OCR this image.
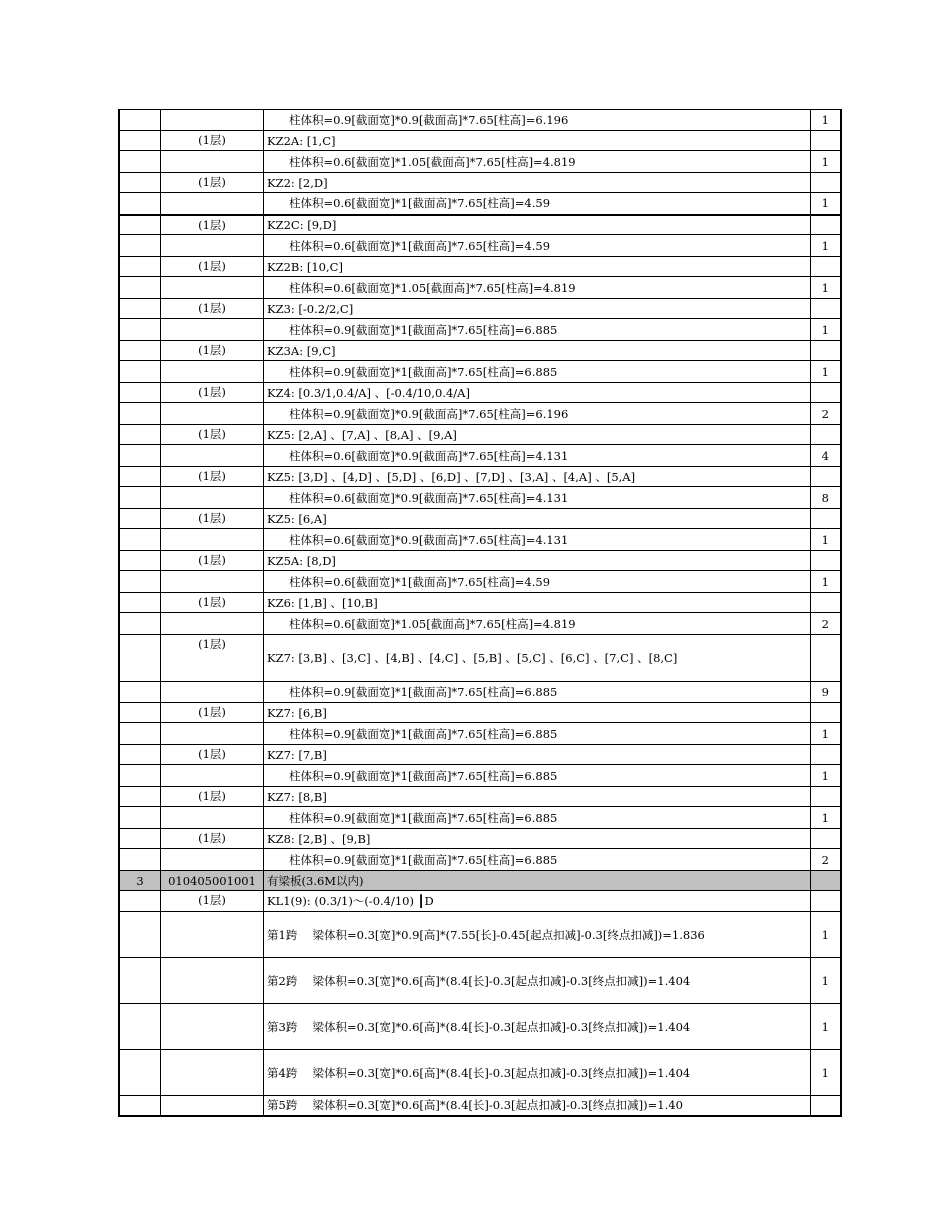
		柱体积=0.9[截面宽]*0.9[截面高]*7.65[柱高]=6.196	1
	(1层)	KZ2A: [1,C]	
		柱体积=0.6[截面宽]*1.05[截面高]*7.65[柱高]=4.819	1
	(1层)	KZ2: [2,D]	
		柱体积=0.6[截面宽]*1[截面高]*7.65[柱高]=4.59	1
	(1层)	KZ2C: [9,D]	
		柱体积=0.6[截面宽]*1[截面高]*7.65[柱高]=4.59	1
	(1层)	KZ2B: [10,C]	
		柱体积=0.6[截面宽]*1.05[截面高]*7.65[柱高]=4.819	1
	(1层)	KZ3: [-0.2/2,C]	
		柱体积=0.9[截面宽]*1[截面高]*7.65[柱高]=6.885	1
	(1层)	KZ3A: [9,C]	
		柱体积=0.9[截面宽]*1[截面高]*7.65[柱高]=6.885	1
	(1层)	KZ4: [0.3/1,0.4/A] 、[-0.4/10,0.4/A]	
		柱体积=0.9[截面宽]*0.9[截面高]*7.65[柱高]=6.196	2
	(1层)	KZ5: [2,A] 、[7,A] 、[8,A] 、[9,A]	
		柱体积=0.6[截面宽]*0.9[截面高]*7.65[柱高]=4.131	4
	(1层)	KZ5: [3,D] 、[4,D] 、[5,D] 、[6,D] 、[7,D] 、[3,A] 、[4,A] 、[5,A]	
		柱体积=0.6[截面宽]*0.9[截面高]*7.65[柱高]=4.131	8
	(1层)	KZ5: [6,A]	
		柱体积=0.6[截面宽]*0.9[截面高]*7.65[柱高]=4.131	1
	(1层)	KZ5A: [8,D]	
		柱体积=0.6[截面宽]*1[截面高]*7.65[柱高]=4.59	1
	(1层)	KZ6: [1,B] 、[10,B]	
		柱体积=0.6[截面宽]*1.05[截面高]*7.65[柱高]=4.819	2
	(1层)	KZ7: [3,B] 、[3,C] 、[4,B] 、[4,C] 、[5,B] 、[5,C] 、[6,C] 、[7,C] 、[8,C]	
		柱体积=0.9[截面宽]*1[截面高]*7.65[柱高]=6.885	9
	(1层)	KZ7: [6,B]	
		柱体积=0.9[截面宽]*1[截面高]*7.65[柱高]=6.885	1
	(1层)	KZ7: [7,B]	
		柱体积=0.9[截面宽]*1[截面高]*7.65[柱高]=6.885	1
	(1层)	KZ7: [8,B]	
		柱体积=0.9[截面宽]*1[截面高]*7.65[柱高]=6.885	1
	(1层)	KZ8: [2,B] 、[9,B]	
		柱体积=0.9[截面宽]*1[截面高]*7.65[柱高]=6.885	2
3	010405001001	有梁板(3.6M以内)	
	(1层)	KL1(9): (0.3/1)～(-0.4/10) ┃D	
		第1跨　 梁体积=0.3[宽]*0.9[高]*(7.55[长]-0.45[起点扣减]-0.3[终点扣减])=1.836	1
		第2跨　 梁体积=0.3[宽]*0.6[高]*(8.4[长]-0.3[起点扣减]-0.3[终点扣减])=1.404	1
		第3跨　 梁体积=0.3[宽]*0.6[高]*(8.4[长]-0.3[起点扣减]-0.3[终点扣减])=1.404	1
		第4跨　 梁体积=0.3[宽]*0.6[高]*(8.4[长]-0.3[起点扣减]-0.3[终点扣减])=1.404	1
		第5跨　 梁体积=0.3[宽]*0.6[高]*(8.4[长]-0.3[起点扣减]-0.3[终点扣减])=1.40	
